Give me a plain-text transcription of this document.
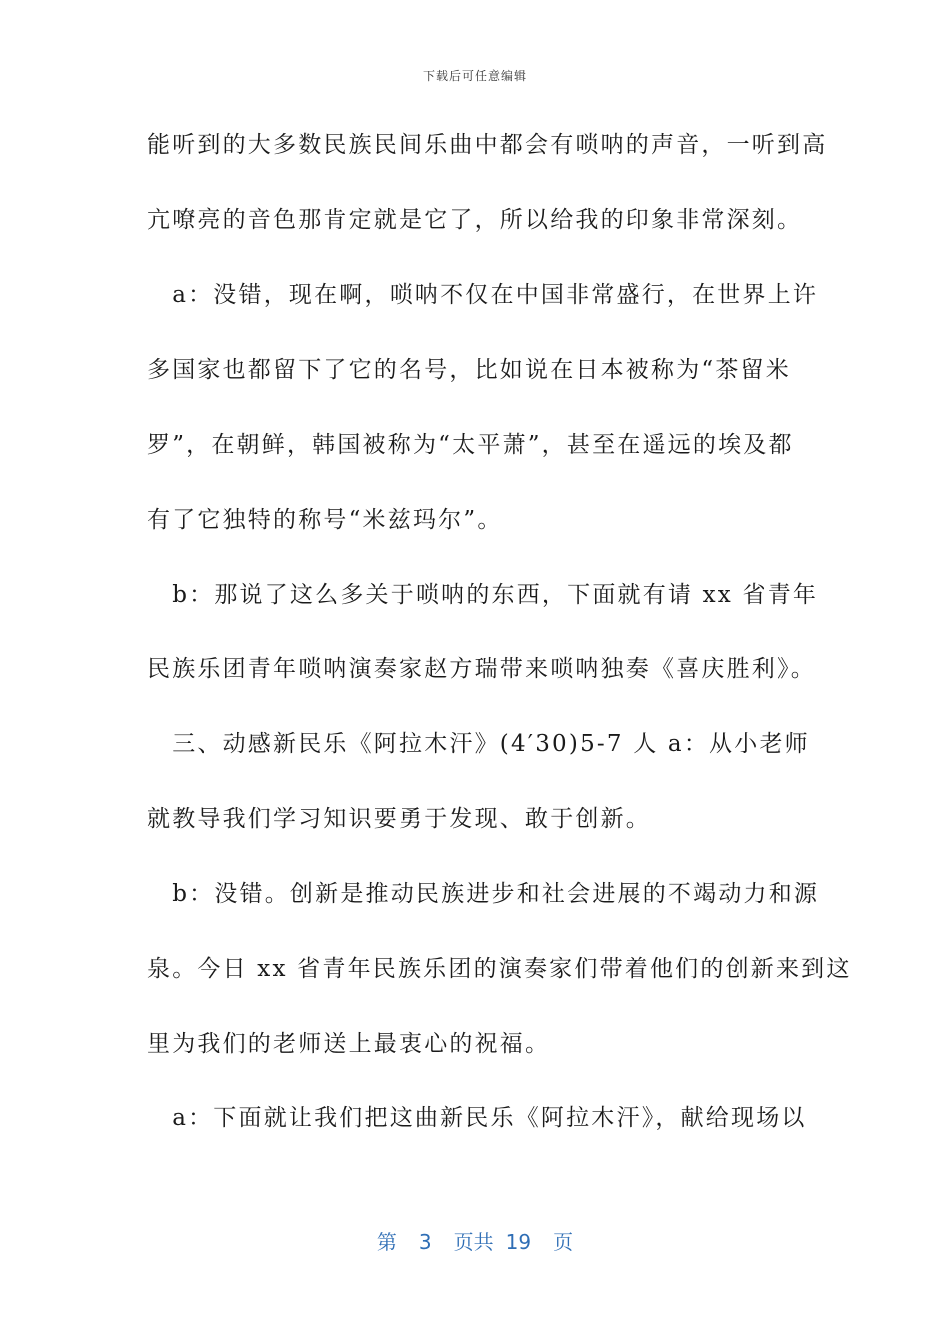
下载后可任意编辑
能听到的大多数民族民间乐曲中都会有唢呐的声音，一听到高
亢嘹亮的音色那肯定就是它了，所以给我的印象非常深刻。
　a：没错，现在啊，唢呐不仅在中国非常盛行，在世界上许
多国家也都留下了它的名号，比如说在日本被称为“茶留米
罗”，在朝鲜，韩国被称为“太平萧”，甚至在遥远的埃及都
有了它独特的称号“米兹玛尔”。
　b：那说了这么多关于唢呐的东西，下面就有请 xx 省青年
民族乐团青年唢呐演奏家赵方瑞带来唢呐独奏《喜庆胜利》。
　三、动感新民乐《阿拉木汗》(4′30)5-7 人 a：从小老师
就教导我们学习知识要勇于发现、敢于创新。
　b：没错。创新是推动民族进步和社会进展的不竭动力和源
泉。今日 xx 省青年民族乐团的演奏家们带着他们的创新来到这
里为我们的老师送上最衷心的祝福。
　a：下面就让我们把这曲新民乐《阿拉木汗》，献给现场以
第 3 页共 19 页
